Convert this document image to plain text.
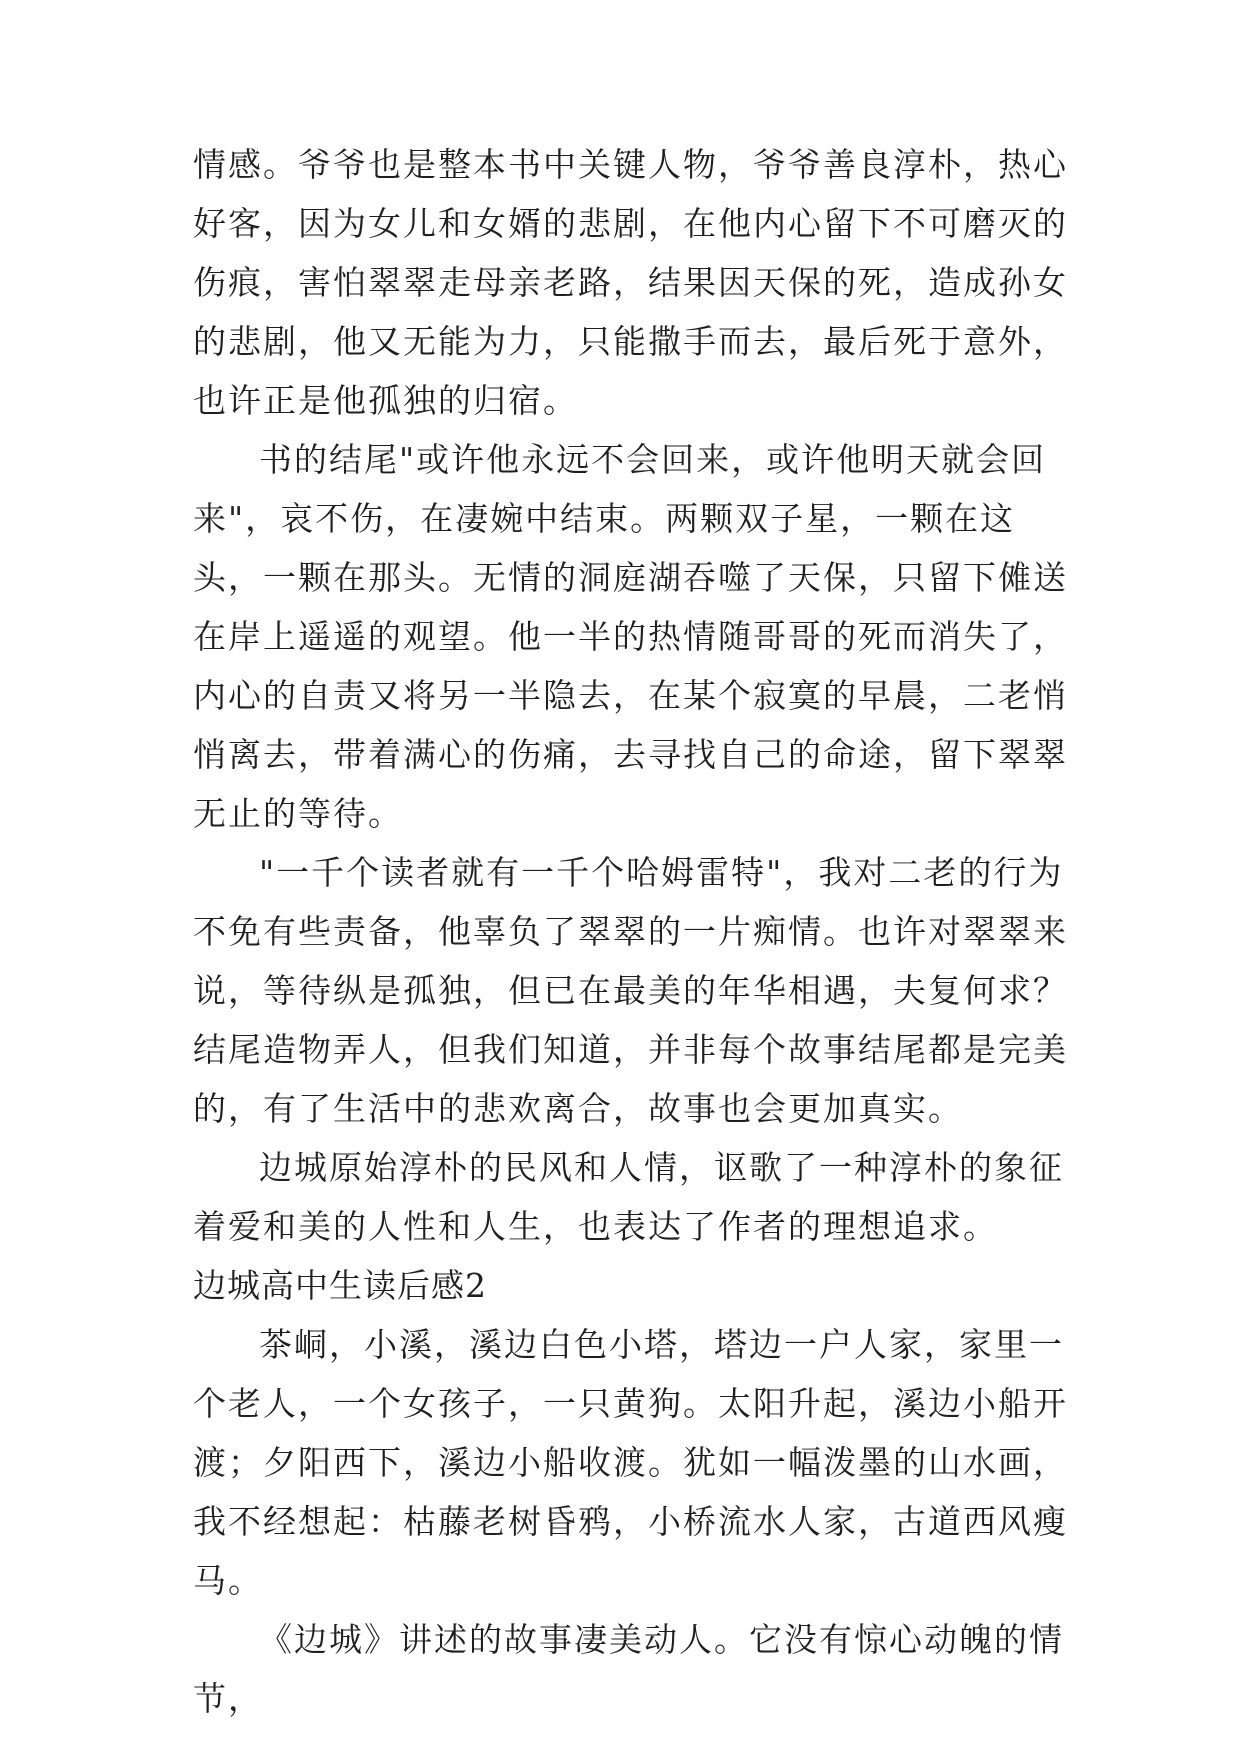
情感。爷爷也是整本书中关键人物，爷爷善良淳朴，热心好客，因为女儿和女婿的悲剧，在他内心留下不可磨灭的伤痕，害怕翠翠走母亲老路，结果因天保的死，造成孙女的悲剧，他又无能为力，只能撒手而去，最后死于意外，也许正是他孤独的归宿。

书的结尾"或许他永远不会回来，或许他明天就会回来"，哀不伤，在凄婉中结束。两颗双子星，一颗在这头，一颗在那头。无情的洞庭湖吞噬了天保，只留下傩送在岸上遥遥的观望。他一半的热情随哥哥的死而消失了，内心的自责又将另一半隐去，在某个寂寞的早晨，二老悄悄离去，带着满心的伤痛，去寻找自己的命途，留下翠翠无止的等待。

"一千个读者就有一千个哈姆雷特"，我对二老的行为不免有些责备，他辜负了翠翠的一片痴情。也许对翠翠来说，等待纵是孤独，但已在最美的年华相遇，夫复何求？结尾造物弄人，但我们知道，并非每个故事结尾都是完美的，有了生活中的悲欢离合，故事也会更加真实。

边城原始淳朴的民风和人情，讴歌了一种淳朴的象征着爱和美的人性和人生，也表达了作者的理想追求。

边城高中生读后感2

茶峒，小溪，溪边白色小塔，塔边一户人家，家里一个老人，一个女孩子，一只黄狗。太阳升起，溪边小船开渡；夕阳西下，溪边小船收渡。犹如一幅泼墨的山水画，我不经想起：枯藤老树昏鸦，小桥流水人家，古道西风瘦马。

《边城》讲述的故事凄美动人。它没有惊心动魄的情节，
